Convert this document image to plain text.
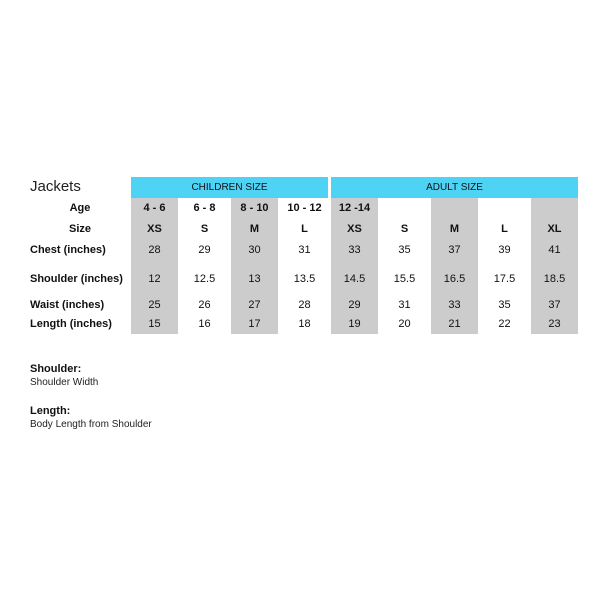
Jackets	CHILDREN SIZE	ADULT SIZE
Age
Size
Chest (inches)
Shoulder (inches)
Waist (inches)
Length (inches)
4 - 6
XS
28
12
25
15
6 - 8
S
29
12.5
26
16
8 - 10
M
30
13
27
17
10 - 12
L
31
13.5
28
18
12 -14
XS
33
14.5
29
19
S
35
15.5
31
20
M
37
16.5
33
21
L
39
17.5
35
22
XL
41
18.5
37
23
Shoulder:
Shoulder Width
Length:
Body Length from Shoulder
